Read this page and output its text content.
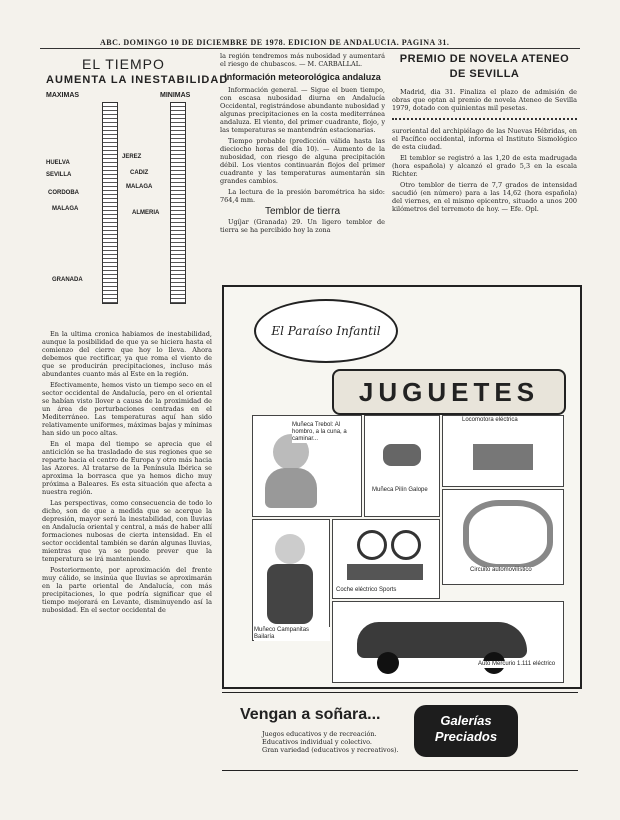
ABC. DOMINGO 10 DE DICIEMBRE DE 1978. EDICION DE ANDALUCIA. PAGINA 31.
EL TIEMPO
AUMENTA LA INESTABILIDAD
MAXIMAS	MINIMAS
HUELVA
SEVILLA
CORDOBA
MALAGA
GRANADA
JEREZ
CADIZ
MALAGA
ALMERIA

En la ultima cronica habiamos de inestabilidad, aunque la posibilidad de que ya se hiciera hasta el comienzo del cierre que hoy lo lleva. Ahora debemos que rectificar, ya que roma el viento de que se producirán precipitaciones, incluso más abundantes cuanto más al Este en la región.

Efectivamente, hemos visto un tiempo seco en el sector occidental de Andalucía, pero en el oriental se habían visto llover a causa de la proximidad de un área de perturbaciones centradas en el Mediterráneo. Las temperaturas aquí han sido relativamente uniformes, máximas bajas y mínimas han sido un poco altas.

En el mapa del tiempo se aprecia que el anticiclón se ha trasladado de sus regiones que se reparte hacia el centro de Europa y otro más hacia las Azores. Al tratarse de la Península Ibérica se aproxima la borrasca que ya hemos dicho muy próxima a Baleares. Es esta situación que afecta a nuestra región.

Las perspectivas, como consecuencia de todo lo dicho, son de que a medida que se acerque la depresión, mayor será la inestabilidad, con lluvias en Andalucía oriental y central, a más de haber allí formaciones nubosas de cierta intensidad. En el sector occidental también se darán algunas lluvias, mientras que ya se puede prever que la temperatura se irá manteniendo.

Posteriormente, por aproximación del frente muy cálido, se insinúa que lluvias se aproximarán en la parte oriental de Andalucía, con más precipitaciones, lo que podría significar que el tiempo mejorará en Levante, disminuyendo así la nubosidad. En el sector occidental de

la región tendremos más nubosidad y aumentará el riesgo de chubascos. — M. CARBALLAL.

Información meteorológica andaluza

Información general. — Sigue el buen tiempo, con escasa nubosidad diurna en Andalucía Occidental, registrándose abundante nubosidad y algunas precipitaciones en la costa mediterránea andaluza. El viento, del primer cuadrante, flojo, y las temperaturas se mantendrán estacionarias.

Tiempo probable (predicción válida hasta las dieciocho horas del día 10). — Aumento de la nubosidad, con riesgo de alguna precipitación débil. Los vientos continuarán flojos del primer cuadrante y las temperaturas aumentarán sin grandes cambios.

La lectura de la presión barométrica ha sido: 764,4 mm.

Temblor de tierra

Ugíjar (Granada) 29. Un ligero temblor de tierra se ha percibido hoy la zona

PREMIO DE NOVELA ATENEO DE SEVILLA

Madrid, dia 31. Finaliza el plazo de admisión de obras que optan al premio de novela Ateneo de Sevilla 1979, dotado con quinientas mil pesetas.

suroriental del archipiélago de las Nuevas Hébridas, en el Pacífico occidental, informa el Instituto Sismológico de esta ciudad.

El temblor se registró a las 1,20 de esta madrugada (hora española) y alcanzó el grado 5,3 en la escala Richter.

Otro temblor de tierra de 7,7 grados de intensidad sacudió (en número) para a las 14,62 (hora española) del viernes, en el mismo epicentro, situado a unos 200 kilómetros del terremoto de hoy. — Efe. Opl.

El Paraíso Infantil
JUGUETES
Muñeca Trebol: Al hombro, a la cuna, a caminar...
Muñeca Pilín Galope
Locomotora eléctrica
Circuito automovilístico
Coche eléctrico Sports
Muñeco Campanitas Bailaría
Auto Mercurio 1.111 eléctrico
Vengan a soñara...
Juegos educativos y de recreación.
Educativos individual y colectivo.
Gran variedad (educativos y recreativos).
Galerías
Preciados
